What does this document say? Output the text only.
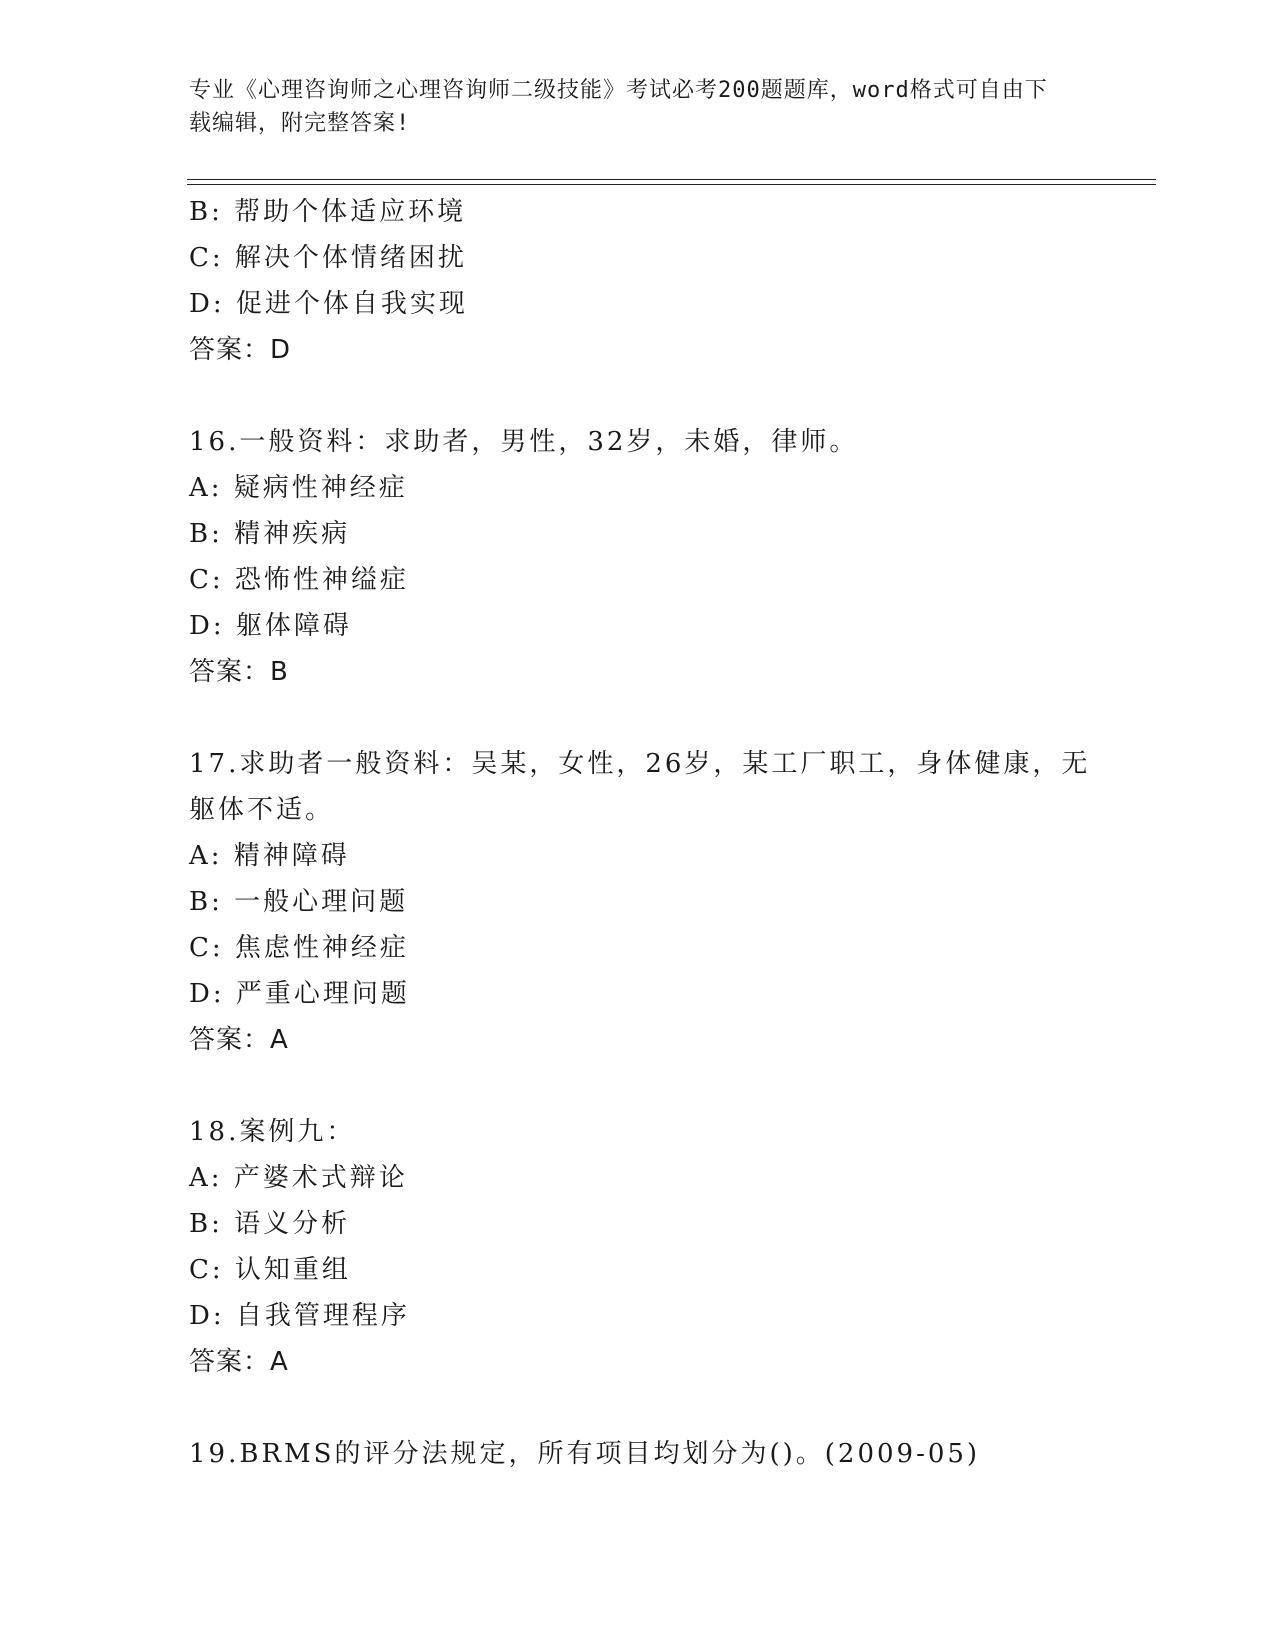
专业《心理咨询师之心理咨询师二级技能》考试必考200题题库，word格式可自由下载编辑，附完整答案!
B: 帮助个体适应环境
C: 解决个体情绪困扰
D: 促进个体自我实现
答案：D
16.一般资料：求助者，男性，32岁，未婚，律师。
A: 疑病性神经症
B: 精神疾病
C: 恐怖性神缢症
D: 躯体障碍
答案：B
17.求助者一般资料：吴某，女性，26岁，某工厂职工，身体健康，无躯体不适。
A: 精神障碍
B: 一般心理问题
C: 焦虑性神经症
D: 严重心理问题
答案：A
18.案例九：
A: 产婆术式辩论
B: 语义分析
C: 认知重组
D: 自我管理程序
答案：A
19.BRMS的评分法规定，所有项目均划分为()。(2009-05)
